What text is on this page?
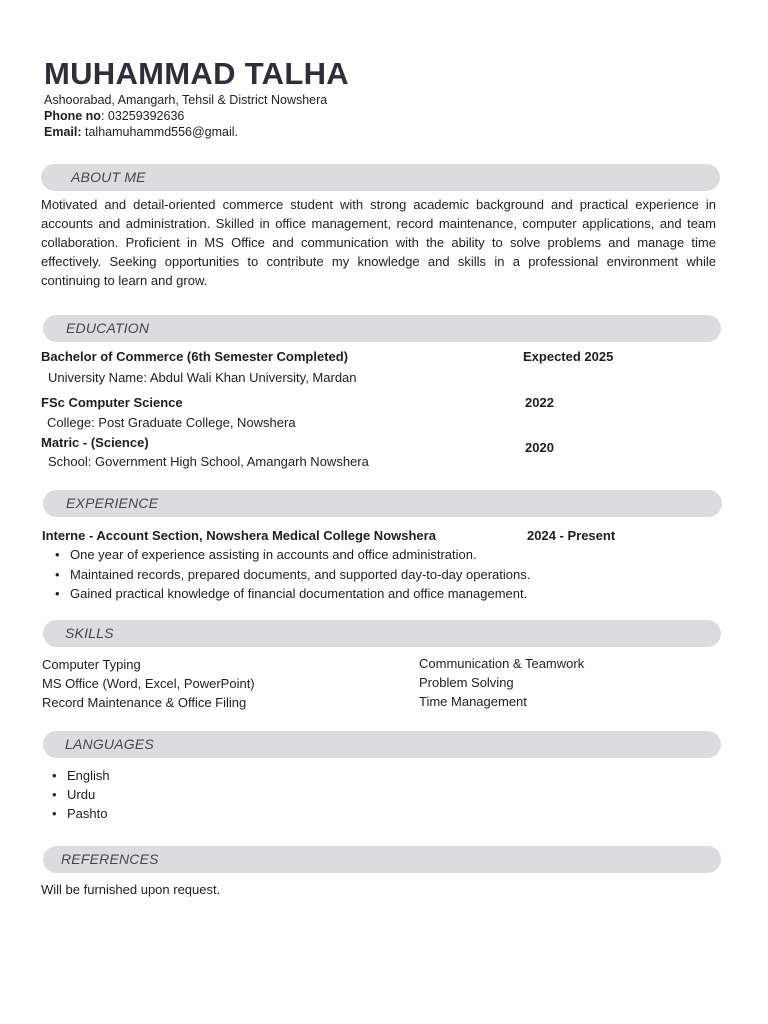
MUHAMMAD TALHA
Ashoorabad, Amangarh, Tehsil & District Nowshera
Phone no: 03259392636
Email: talhamuhammd556@gmail.
ABOUT ME
Motivated and detail-oriented commerce student with strong academic background and practical experience in accounts and administration. Skilled in office management, record maintenance, computer applications, and team collaboration. Proficient in MS Office and communication with the ability to solve problems and manage time effectively. Seeking opportunities to contribute my knowledge and skills in a professional environment while continuing to learn and grow.
EDUCATION
Bachelor of Commerce (6th Semester Completed)	Expected 2025
University Name: Abdul Wali Khan University, Mardan
FSc Computer Science	2022
College: Post Graduate College, Nowshera
Matric - (Science)	2020
School: Government High School, Amangarh Nowshera
EXPERIENCE
Interne - Account Section, Nowshera Medical College Nowshera	2024 - Present
• One year of experience assisting in accounts and office administration.
• Maintained records, prepared documents, and supported day-to-day operations.
• Gained practical knowledge of financial documentation and office management.
SKILLS
Computer Typing
MS Office (Word, Excel, PowerPoint)
Record Maintenance & Office Filing
Communication & Teamwork
Problem Solving
Time Management
LANGUAGES
• English
• Urdu
• Pashto
REFERENCES
Will be furnished upon request.
